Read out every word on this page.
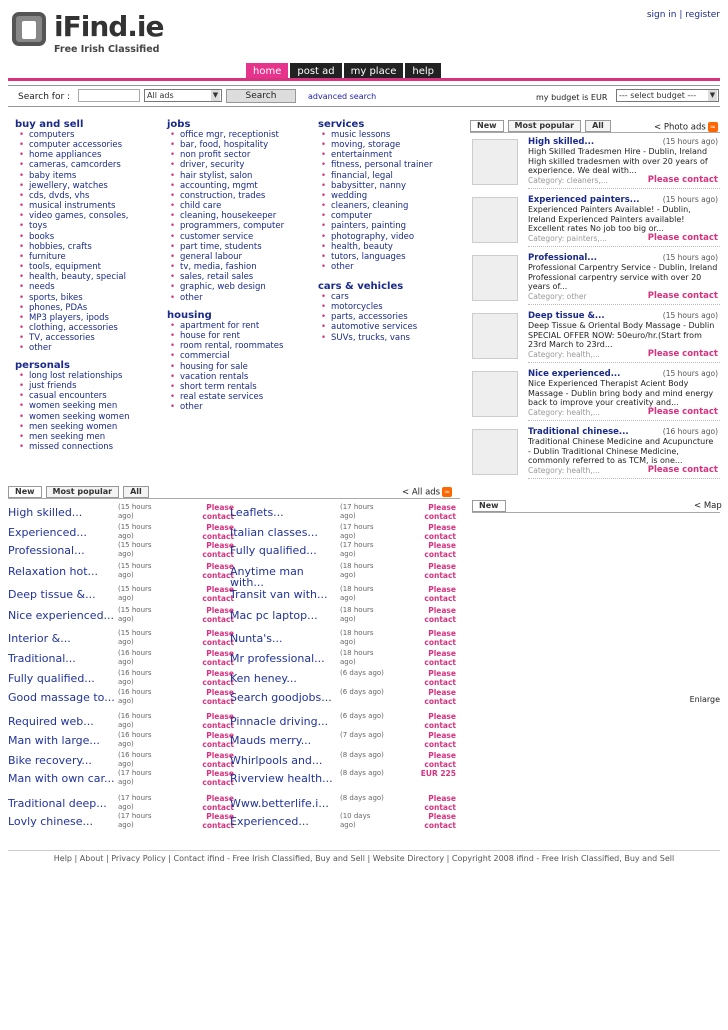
iFind.ie
Free Irish Classified
sign in | register
home	post ad	my place	help
Search for :	All ads ▼	Search	advanced search	my budget is EUR	--- select budget --- ▼
buy and sell
• computers
• computer accessories
• home appliances
• cameras, camcorders
• baby items
• jewellery, watches
• cds, dvds, vhs
• musical instruments
• video games, consoles,
• toys
• books
• hobbies, crafts
• furniture
• tools, equipment
• health, beauty, special
• needs
• sports, bikes
• phones, PDAs
• MP3 players, ipods
• clothing, accessories
• TV, accessories
• other
personals
• long lost relationships
• just friends
• casual encounters
• women seeking men
• women seeking women
• men seeking women
• men seeking men
• missed connections
jobs
• office mgr, receptionist
• bar, food, hospitality
• non profit sector
• driver, security
• hair stylist, salon
• accounting, mgmt
• construction, trades
• child care
• cleaning, housekeeper
• programmers, computer
• customer service
• part time, students
• general labour
• tv, media, fashion
• sales, retail sales
• graphic, web design
• other
housing
• apartment for rent
• house for rent
• room rental, roommates
• commercial
• housing for sale
• vacation rentals
• short term rentals
• real estate services
• other
services
• music lessons
• moving, storage
• entertainment
• fitness, personal trainer
• financial, legal
• babysitter, nanny
• wedding
• cleaners, cleaning
• computer
• painters, painting
• photography, video
• health, beauty
• tutors, languages
• other
cars & vehicles
• cars
• motorcycles
• parts, accessories
• automotive services
• SUVs, trucks, vans
New	Most popular	All	< Photo ads ≈
High skilled...	(15 hours ago)
High Skilled Tradesmen Hire - Dublin, Ireland High skilled tradesmen with over 20 years of experience. We deal with...
Category: cleaners,...	Please contact
Experienced painters...	(15 hours ago)
Experienced Painters Available! - Dublin, Ireland Experienced Painters available! Excellent rates No job too big or...
Category: painters,...	Please contact
Professional...	(15 hours ago)
Professional Carpentry Service - Dublin, Ireland Professional carpentry service with over 20 years of...
Category: other	Please contact
Deep tissue &...	(15 hours ago)
Deep Tissue & Oriental Body Massage - Dublin SPECIAL OFFER NOW: 50euro/hr.(Start from 23rd March to 23rd...
Category: health,...	Please contact
Nice experienced...	(15 hours ago)
Nice Experienced Therapist Acient Body Massage - Dublin bring body and mind energy back to improve your creativity and...
Category: health,...	Please contact
Traditional chinese...	(16 hours ago)
Traditional Chinese Medicine and Acupuncture - Dublin Traditional Chinese Medicine, commonly referred to as TCM, is one...
Category: health,...	Please contact
New	Most popular	All	< All ads ≈
High skilled...	(15 hours ago)
Please contact
Experienced...	(15 hours ago)
Please contact
Professional...	(15 hours ago)
Please contact
Relaxation hot...	(15 hours ago)
Please contact
Deep tissue &...	(15 hours ago)
Please contact
Nice experienced... (15 hours ago)
Please contact
Interior &...	(15 hours ago)
Please contact
Traditional...	(16 hours ago)
Please contact
Fully qualified...	(16 hours ago)
Please contact
Good massage to... (16 hours ago)
Please contact
Required web...	(16 hours ago)
Please contact
Man with large...	(16 hours ago)
Please contact
Bike recovery...	(16 hours ago)
Please contact
Man with own car... (17 hours ago)
Please contact
Traditional deep...	(17 hours ago)
Please contact
Lovly chinese...	(17 hours ago)
Please contact
Leaflets...	(17 hours ago)
Please contact
Italian classes...	(17 hours ago)
Please contact
Fully qualified...	(17 hours ago)
Please contact
Anytime man with...
(18 hours ago)
Please contact
Transit van with...	(18 hours ago)
Please contact
Mac pc laptop...	(18 hours ago)
Please contact
Nunta's...	(18 hours ago)
Please contact
Mr professional...	(18 hours ago)
Please contact
Ken heney...	(6 days ago)	Please contact
Search goodjobs...	(6 days ago)	Please contact
Pinnacle driving...	(6 days ago)	Please contact
Mauds merry...	(7 days ago)	Please contact
Whirlpools and...	(8 days ago)	Please contact
Riverview health...	(8 days ago)	EUR 225
Www.betterlife.i...	(8 days ago)	Please contact
Experienced...	(10 days ago)
Please contact
New	< Map
Enlarge
Help | About | Privacy Policy | Contact ifind - Free Irish Classified, Buy and Sell | Website Directory | Copyright 2008 ifind - Free Irish Classified, Buy and Sell
